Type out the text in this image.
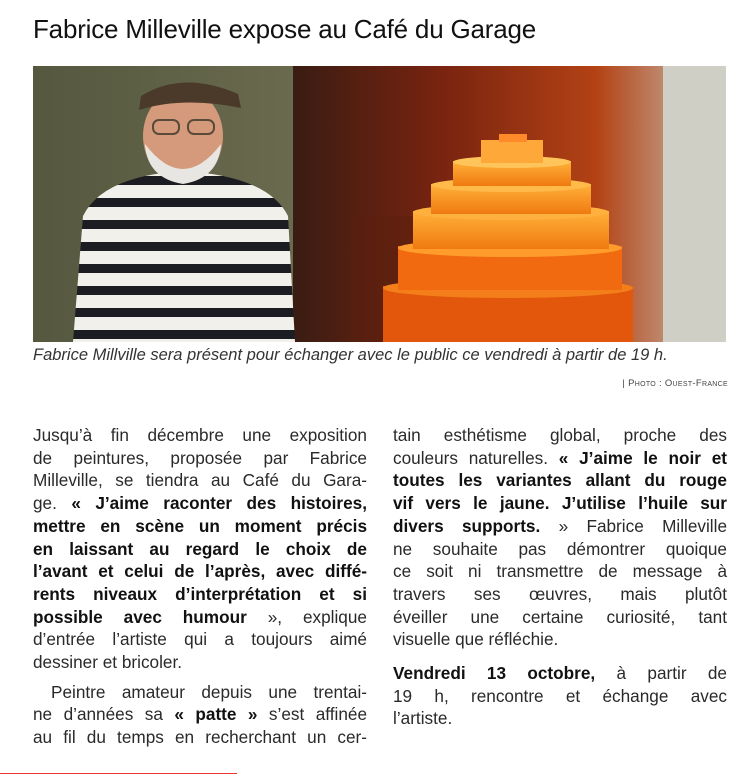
Fabrice Milleville expose au Café du Garage

Fabrice Millville sera présent pour échanger avec le public ce vendredi à partir de 19 h.

| Photo : Ouest-France

Jusqu’à fin décembre une exposition
de peintures, proposée par Fabrice
Milleville, se tiendra au Café du Gara-
ge. « J’aime raconter des histoires,
mettre en scène un moment précis
en laissant au regard le choix de
l’avant et celui de l’après, avec diffé-
rents niveaux d’interprétation et si
possible avec humour », explique
d’entrée l’artiste qui a toujours aimé
dessiner et bricoler.

Peintre amateur depuis une trentai-
ne d’années sa « patte » s’est affinée
au fil du temps en recherchant un cer-

tain esthétisme global, proche des
couleurs naturelles. « J’aime le noir et
toutes les variantes allant du rouge
vif vers le jaune. J’utilise l’huile sur
divers supports. » Fabrice Milleville
ne souhaite pas démontrer quoique
ce soit ni transmettre de message à
travers ses œuvres, mais plutôt
éveiller une certaine curiosité, tant
visuelle que réfléchie.

Vendredi 13 octobre, à partir de
19 h, rencontre et échange avec
l’artiste.
